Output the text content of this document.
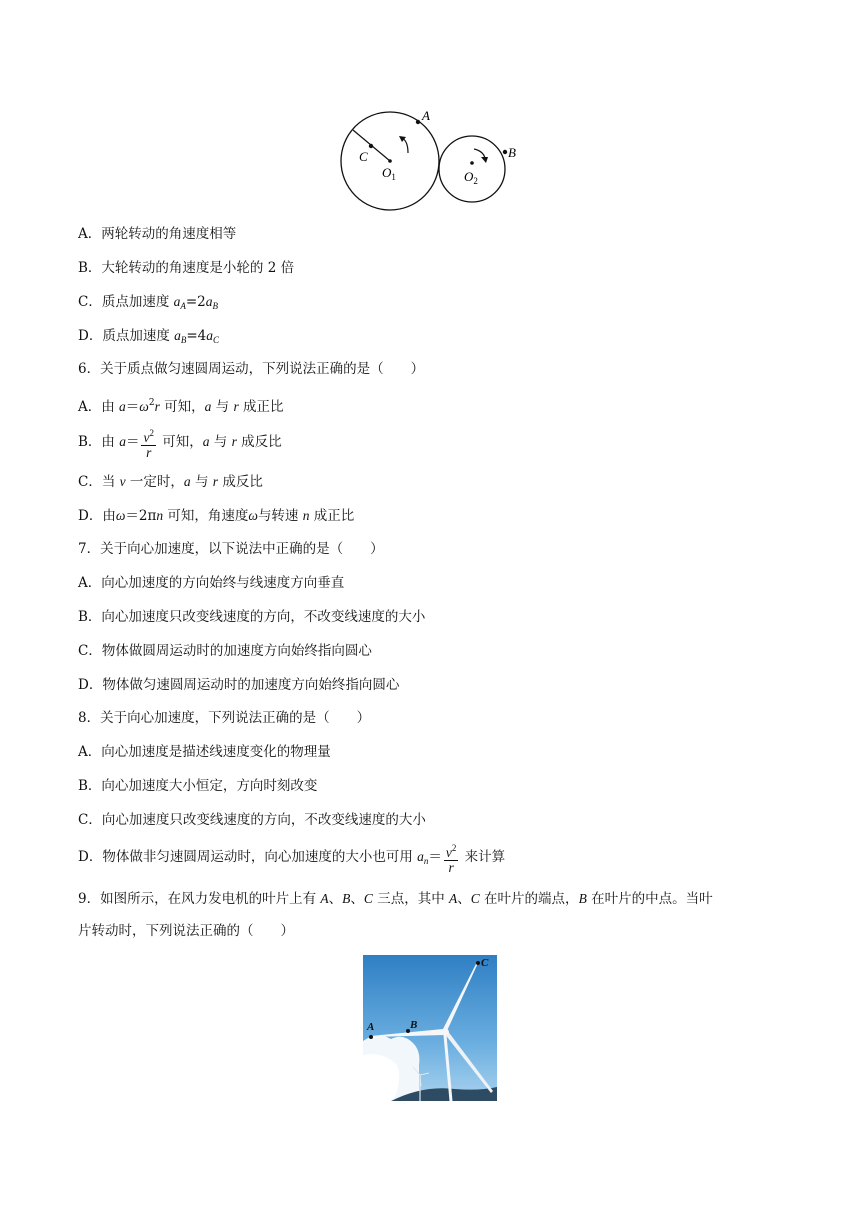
A
C
$O_1$	$O_2$
B
A．两轮转动的角速度相等
B．大轮转动的角速度是小轮的 2 倍
C．质点加速度 $a_A=2a_B$
D．质点加速度 $a_B=4a_C$
6．关于质点做匀速圆周运动，下列说法正确的是（　　）
A．由 $a=\omega^2r$ 可知，a 与 r 成正比
B．由 $a= \frac{v^2}{r}$ 可知，a 与 r 成反比
C．当 v 一定时，a 与 r 成反比
D．由ω＝2πn 可知，角速度ω与转速 n 成正比
7．关于向心加速度，以下说法中正确的是（　　）
A．向心加速度的方向始终与线速度方向垂直
B．向心加速度只改变线速度的方向，不改变线速度的大小
C．物体做圆周运动时的加速度方向始终指向圆心
D．物体做匀速圆周运动时的加速度方向始终指向圆心
8．关于向心加速度，下列说法正确的是（　　）
A．向心加速度是描述线速度变化的物理量
B．向心加速度大小恒定，方向时刻改变
C．向心加速度只改变线速度的方向，不改变线速度的大小
D．物体做非匀速圆周运动时，向心加速度的大小也可用 $a_n= \frac{v^2}{r}$ 来计算
9．如图所示，在风力发电机的叶片上有 A、B、C 三点，其中 A、C 在叶片的端点，B 在叶片的中点。当叶
片转动时，下列说法正确的（　　）
A	B
C
